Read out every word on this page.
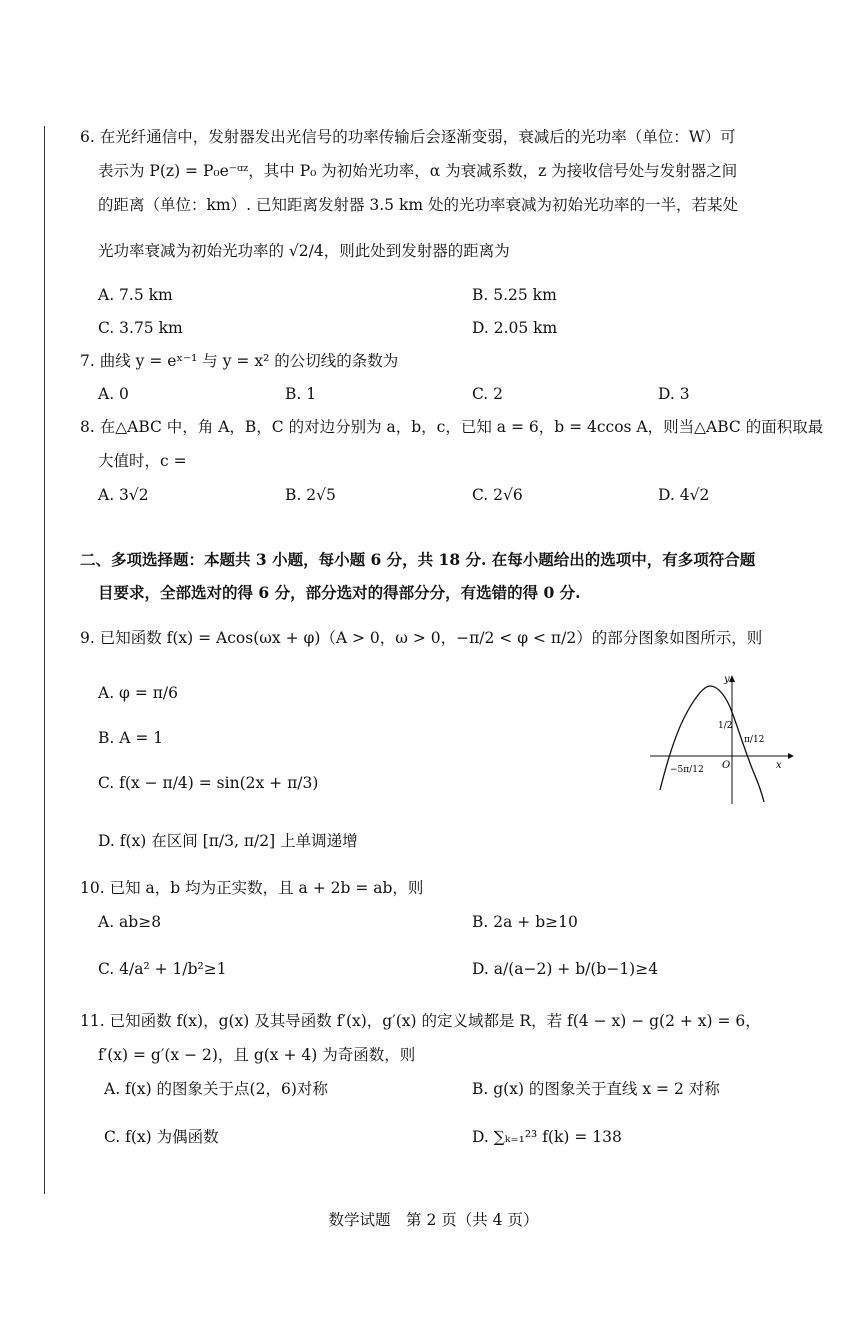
6. 在光纤通信中，发射器发出光信号的功率传输后会逐渐变弱，衰减后的光功率（单位：W）可
表示为 P(z) = P₀e⁻ᵅᶻ，其中 P₀ 为初始光功率，α 为衰减系数，z 为接收信号处与发射器之间
的距离（单位：km）. 已知距离发射器 3.5 km 处的光功率衰减为初始光功率的一半，若某处
光功率衰减为初始光功率的 √2/4，则此处到发射器的距离为
A. 7.5 km	B. 5.25 km
C. 3.75 km	D. 2.05 km
7. 曲线 y = eˣ⁻¹ 与 y = x² 的公切线的条数为
A. 0	B. 1	C. 2	D. 3
8. 在△ABC 中，角 A，B，C 的对边分别为 a，b，c，已知 a = 6，b = 4ccos A，则当△ABC 的面积取最
大值时，c =
A. 3√2	B. 2√5	C. 2√6	D. 4√2
二、多项选择题：本题共 3 小题，每小题 6 分，共 18 分. 在每小题给出的选项中，有多项符合题
目要求，全部选对的得 6 分，部分选对的得部分分，有选错的得 0 分.
9. 已知函数 f(x) = Acos(ωx + φ)（A > 0，ω > 0，−π/2 < φ < π/2）的部分图象如图所示，则
A. φ = π/6
B. A = 1
C. f(x − π/4) = sin(2x + π/3)
D. f(x) 在区间 [π/3, π/2] 上单调递增
y
x
O
1/2
−5π/12
π/12
10. 已知 a，b 均为正实数，且 a + 2b = ab，则
A. ab≥8	B. 2a + b≥10
C. 4/a² + 1/b²≥1	D. a/(a−2) + b/(b−1)≥4
11. 已知函数 f(x)，g(x) 及其导函数 f′(x)，g′(x) 的定义域都是 R，若 f(4 − x) − g(2 + x) = 6，
f′(x) = g′(x − 2)，且 g(x + 4) 为奇函数，则
A. f(x) 的图象关于点(2，6)对称	B. g(x) 的图象关于直线 x = 2 对称
C. f(x) 为偶函数	D. ∑ₖ₌₁²³ f(k) = 138
数学试题　第 2 页（共 4 页）
